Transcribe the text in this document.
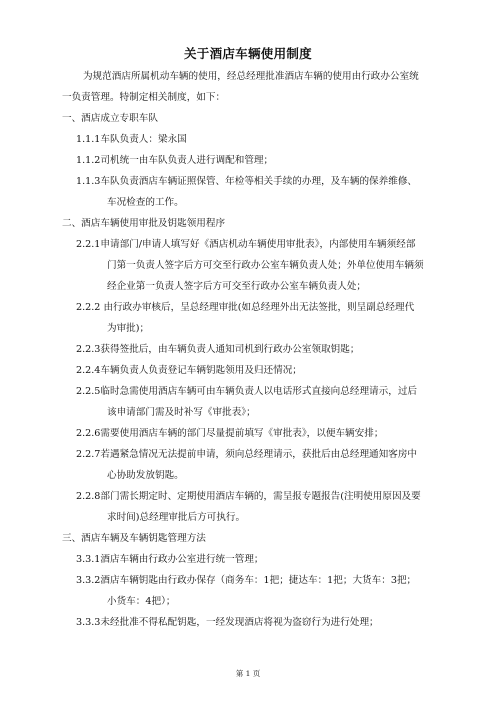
关于酒店车辆使用制度
为规范酒店所属机动车辆的使用，经总经理批准酒店车辆的使用由行政办公室统
一负责管理。特制定相关制度，如下：
一、酒店成立专职车队
1.1.1车队负责人：梁永国
1.1.2司机统一由车队负责人进行调配和管理；
1.1.3车队负责酒店车辆证照保管、年检等相关手续的办理，及车辆的保养维修、
车况检查的工作。
二、酒店车辆使用审批及钥匙领用程序
2.2.1申请部门/申请人填写好《酒店机动车辆使用审批表》，内部使用车辆须经部
门第一负责人签字后方可交至行政办公室车辆负责人处；外单位使用车辆须
经企业第一负责人签字后方可交至行政办公室车辆负责人处；
2.2.2 由行政办审核后，呈总经理审批(如总经理外出无法签批，则呈副总经理代
为审批)；
2.2.3获得签批后，由车辆负责人通知司机到行政办公室领取钥匙；
2.2.4车辆负责人负责登记车辆钥匙领用及归还情况；
2.2.5临时急需使用酒店车辆可由车辆负责人以电话形式直接向总经理请示，过后
该申请部门需及时补写《审批表》；
2.2.6需要使用酒店车辆的部门尽量提前填写《审批表》，以便车辆安排；
2.2.7若遇紧急情况无法提前申请，须向总经理请示，获批后由总经理通知客房中
心协助发放钥匙。
2.2.8部门需长期定时、定期使用酒店车辆的，需呈报专题报告(注明使用原因及要
求时间)总经理审批后方可执行。
三、酒店车辆及车辆钥匙管理方法
3.3.1酒店车辆由行政办公室进行统一管理；
3.3.2酒店车辆钥匙由行政办保存（商务车：1把；捷达车：1把；大货车：3把；
小货车：4把）；
3.3.3未经批准不得私配钥匙，一经发现酒店将视为盗窃行为进行处理；
第 1 页
